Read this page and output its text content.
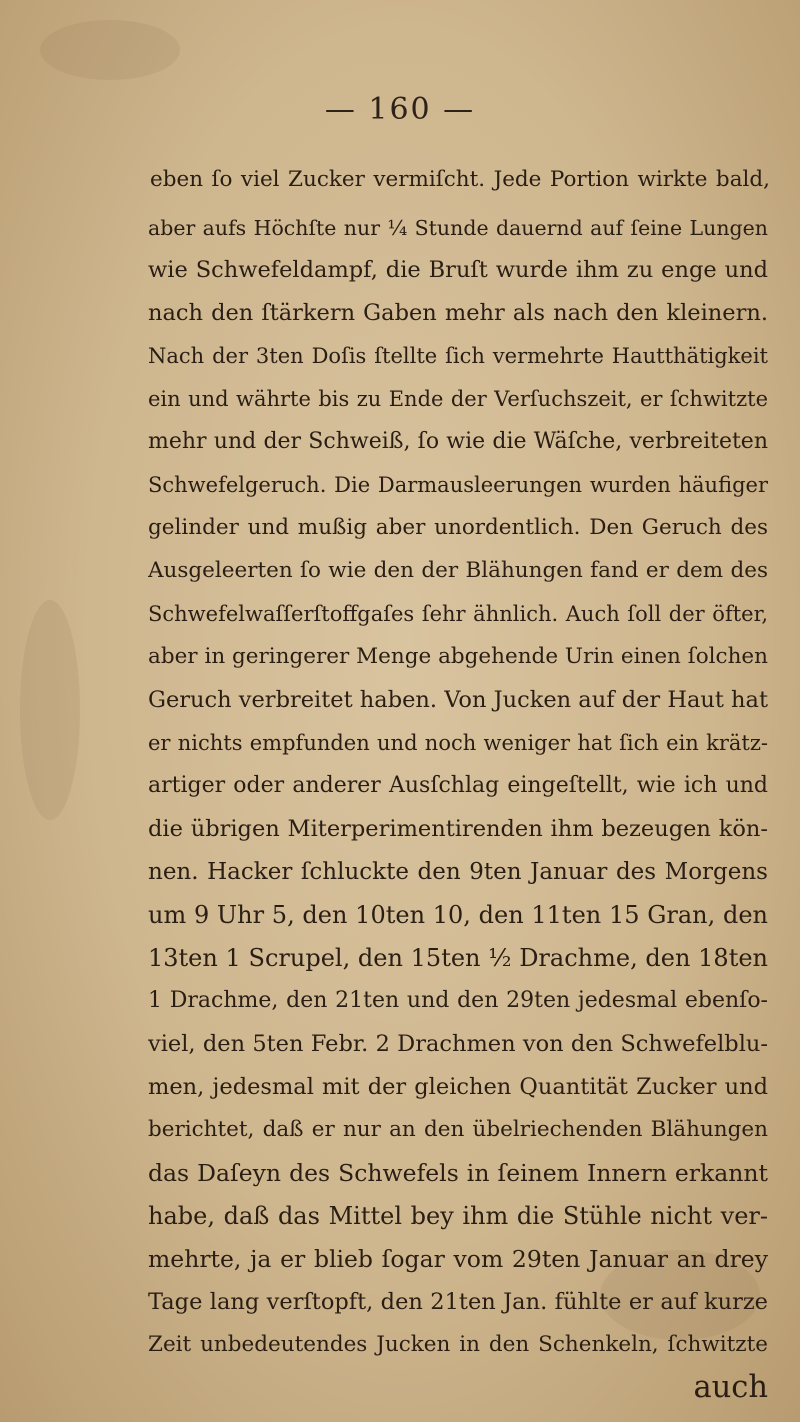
— 160 —
eben ſo viel Zucker vermiſcht. Jede Portion wirkte bald,
aber aufs Höchſte nur ¼ Stunde dauernd auf ſeine Lungen
wie Schwefeldampf, die Bruſt wurde ihm zu enge und
nach den ſtärkern Gaben mehr als nach den kleinern.
Nach der 3ten Doſis ſtellte ſich vermehrte Hautthätigkeit
ein und währte bis zu Ende der Verſuchszeit, er ſchwitzte
mehr und der Schweiß, ſo wie die Wäſche, verbreiteten
Schwefelgeruch. Die Darmausleerungen wurden häufiger
gelinder und mußig aber unordentlich. Den Geruch des
Ausgeleerten ſo wie den der Blähungen fand er dem des
Schwefelwaſſerſtoffgaſes ſehr ähnlich. Auch ſoll der öfter,
aber in geringerer Menge abgehende Urin einen ſolchen
Geruch verbreitet haben. Von Jucken auf der Haut hat
er nichts empfunden und noch weniger hat ſich ein krätz-
artiger oder anderer Ausſchlag eingeſtellt, wie ich und
die übrigen Miterperimentirenden ihm bezeugen kön-
nen. Hacker ſchluckte den 9ten Januar des Morgens
um 9 Uhr 5, den 10ten 10, den 11ten 15 Gran, den
13ten 1 Scrupel, den 15ten ½ Drachme, den 18ten
1 Drachme, den 21ten und den 29ten jedesmal ebenſo-
viel, den 5ten Febr. 2 Drachmen von den Schwefelblu-
men, jedesmal mit der gleichen Quantität Zucker und
berichtet, daß er nur an den übelriechenden Blähungen
das Daſeyn des Schwefels in ſeinem Innern erkannt
habe, daß das Mittel bey ihm die Stühle nicht ver-
mehrte, ja er blieb ſogar vom 29ten Januar an drey
Tage lang verſtopft, den 21ten Jan. fühlte er auf kurze
Zeit unbedeutendes Jucken in den Schenkeln, ſchwitzte
auch
